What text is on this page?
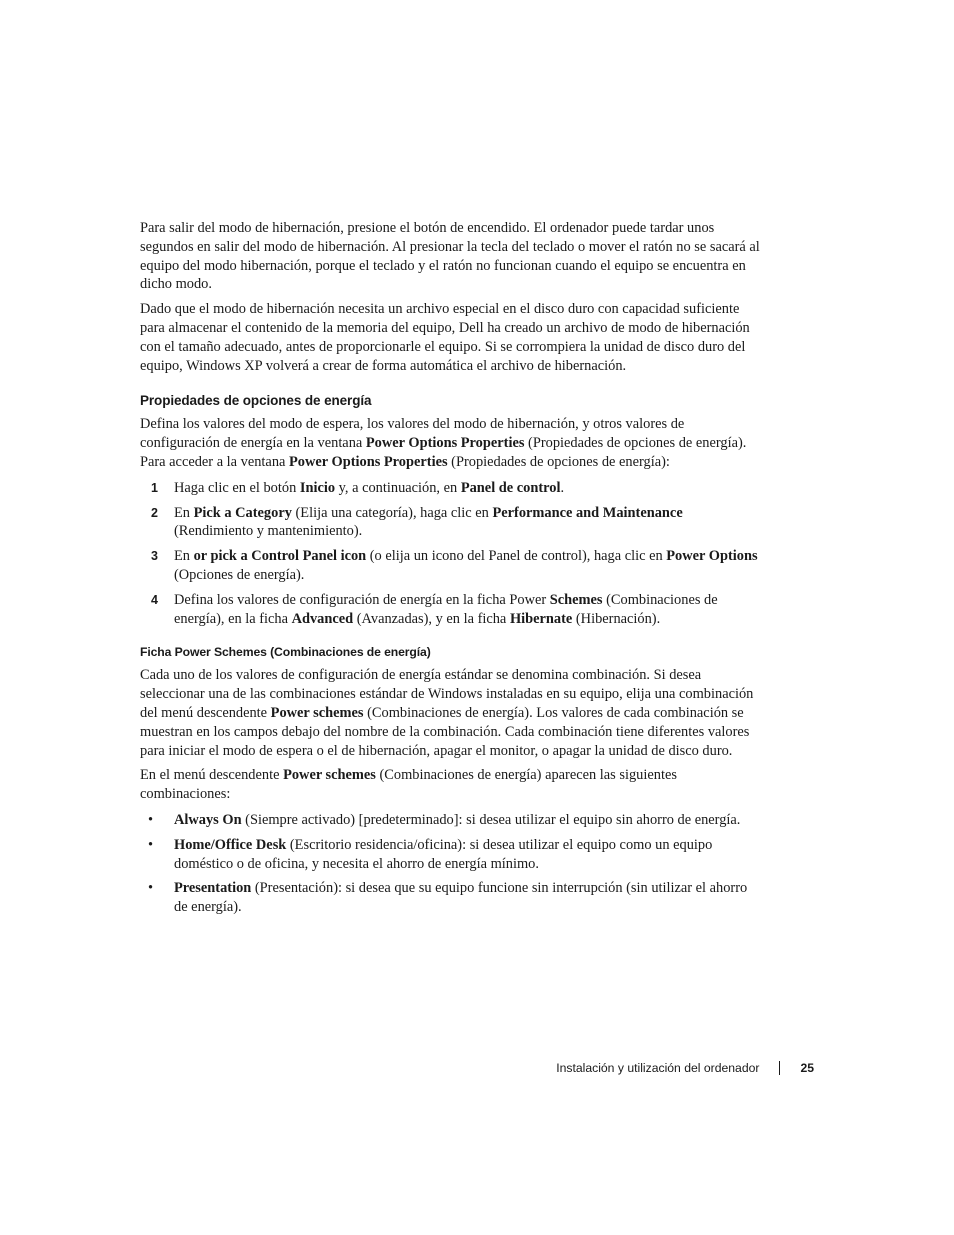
Para salir del modo de hibernación, presione el botón de encendido. El ordenador puede tardar unos segundos en salir del modo de hibernación. Al presionar la tecla del teclado o mover el ratón no se sacará al equipo del modo hibernación, porque el teclado y el ratón no funcionan cuando el equipo se encuentra en dicho modo.

Dado que el modo de hibernación necesita un archivo especial en el disco duro con capacidad suficiente para almacenar el contenido de la memoria del equipo, Dell ha creado un archivo de modo de hibernación con el tamaño adecuado, antes de proporcionarle el equipo. Si se corrompiera la unidad de disco duro del equipo, Windows XP volverá a crear de forma automática el archivo de hibernación.

Propiedades de opciones de energía

Defina los valores del modo de espera, los valores del modo de hibernación, y otros valores de configuración de energía en la ventana Power Options Properties (Propiedades de opciones de energía). Para acceder a la ventana Power Options Properties (Propiedades de opciones de energía):

1 Haga clic en el botón Inicio y, a continuación, en Panel de control.
2 En Pick a Category (Elija una categoría), haga clic en Performance and Maintenance (Rendimiento y mantenimiento).
3 En or pick a Control Panel icon (o elija un icono del Panel de control), haga clic en Power Options (Opciones de energía).
4 Defina los valores de configuración de energía en la ficha Power Schemes (Combinaciones de energía), en la ficha Advanced (Avanzadas), y en la ficha Hibernate (Hibernación).
Ficha Power Schemes (Combinaciones de energía)

Cada uno de los valores de configuración de energía estándar se denomina combinación. Si desea seleccionar una de las combinaciones estándar de Windows instaladas en su equipo, elija una combinación del menú descendente Power schemes (Combinaciones de energía). Los valores de cada combinación se muestran en los campos debajo del nombre de la combinación. Cada combinación tiene diferentes valores para iniciar el modo de espera o el de hibernación, apagar el monitor, o apagar la unidad de disco duro.

En el menú descendente Power schemes (Combinaciones de energía) aparecen las siguientes combinaciones:

• Always On (Siempre activado) [predeterminado]: si desea utilizar el equipo sin ahorro de energía.
• Home/Office Desk (Escritorio residencia/oficina): si desea utilizar el equipo como un equipo doméstico o de oficina, y necesita el ahorro de energía mínimo.
• Presentation (Presentación): si desea que su equipo funcione sin interrupción (sin utilizar el ahorro de energía).
Instalación y utilización del ordenador	25
